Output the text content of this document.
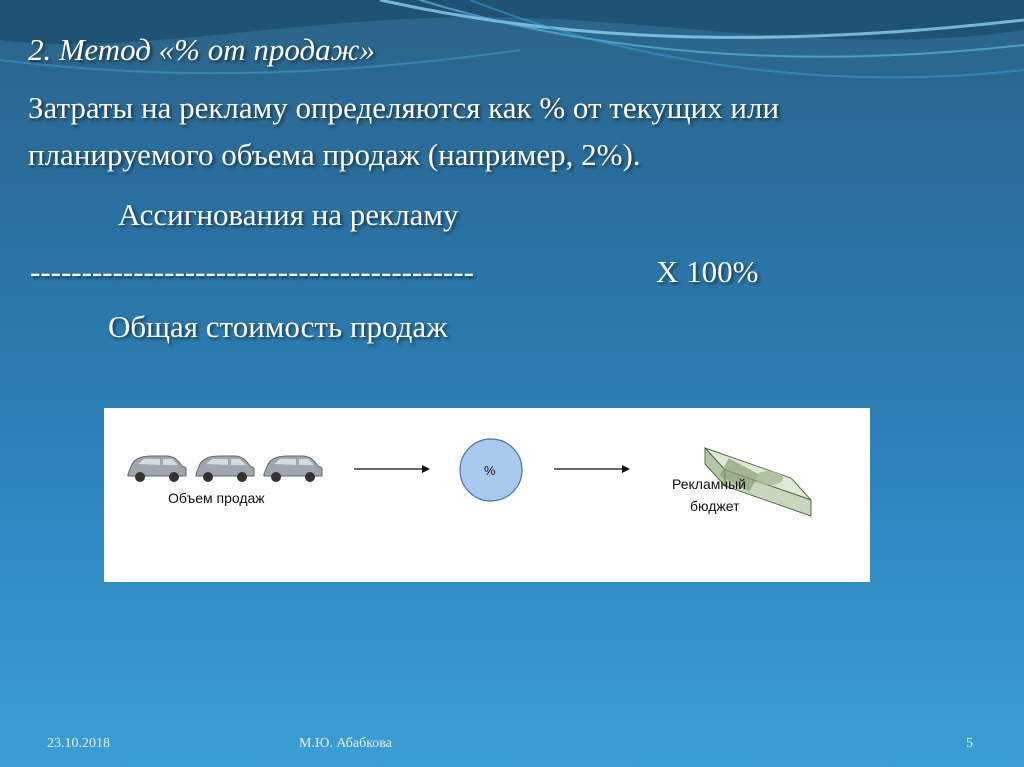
2. Метод «% от продаж»
Затраты на рекламу определяются как % от текущих или
планируемого объема продаж (например, 2%).
Ассигнования на рекламу
-------------------------------------------	X 100%
Общая стоимость продаж
Объем продаж
%
Рекламный
бюджет
23.10.2018	М.Ю. Абабкова	5
